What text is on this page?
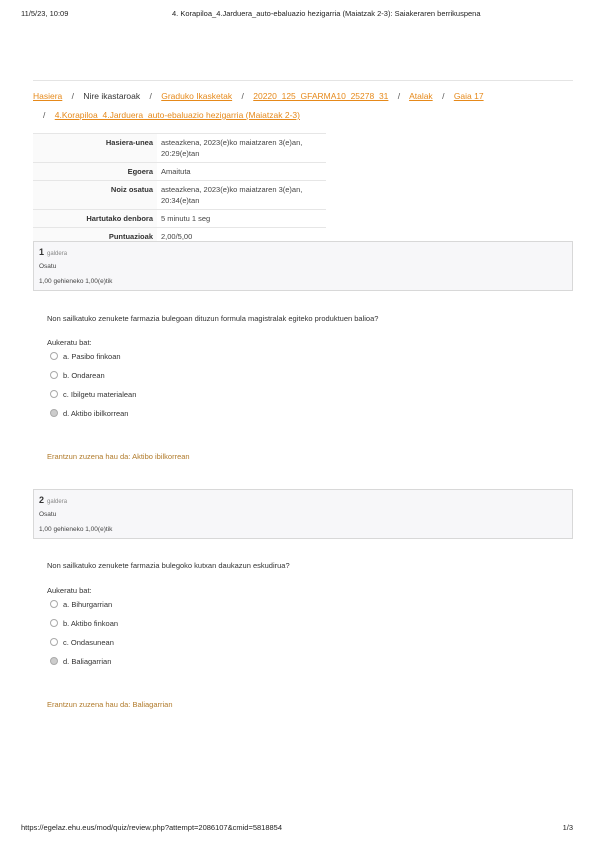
11/5/23, 10:09	4. Korapiloa_4.Jarduera_auto-ebaluazio hezigarria (Maiatzak 2-3): Saiakeraren berrikuspena
Hasiera / Nire ikastaroak / Graduko Ikasketak / 20220_125_GFARMA10_25278_31 / Atalak / Gaia 17
/ 4.Korapiloa_4.Jarduera_auto-ebaluazio hezigarria (Maiatzak 2-3)
Hasiera-unea	asteazkena, 2023(e)ko maiatzaren 3(e)an, 20:29(e)tan
Egoera	Amaituta
Noiz osatua	asteazkena, 2023(e)ko maiatzaren 3(e)an, 20:34(e)tan
Hartutako denbora	5 minutu 1 seg
Puntuazioak	2,00/5,00

1 galdera
Osatu
1,00 gehieneko 1,00(e)tik
Non sailkatuko zenukete farmazia bulegoan dituzun formula magistralak egiteko produktuen balioa?
Aukeratu bat:
a. Pasibo finkoan
b. Ondarean
c. Ibilgetu materialean
d. Aktibo ibilkorrean
Erantzun zuzena hau da: Aktibo ibilkorrean
2 galdera
Osatu
1,00 gehieneko 1,00(e)tik
Non sailkatuko zenukete farmazia bulegoko kutxan daukazun eskudirua?
Aukeratu bat:
a. Bihurgarrian
b. Aktibo finkoan
c. Ondasunean
d. Baliagarrian
Erantzun zuzena hau da: Baliagarrian
https://egelaz.ehu.eus/mod/quiz/review.php?attempt=2086107&cmid=5818854	1/3
